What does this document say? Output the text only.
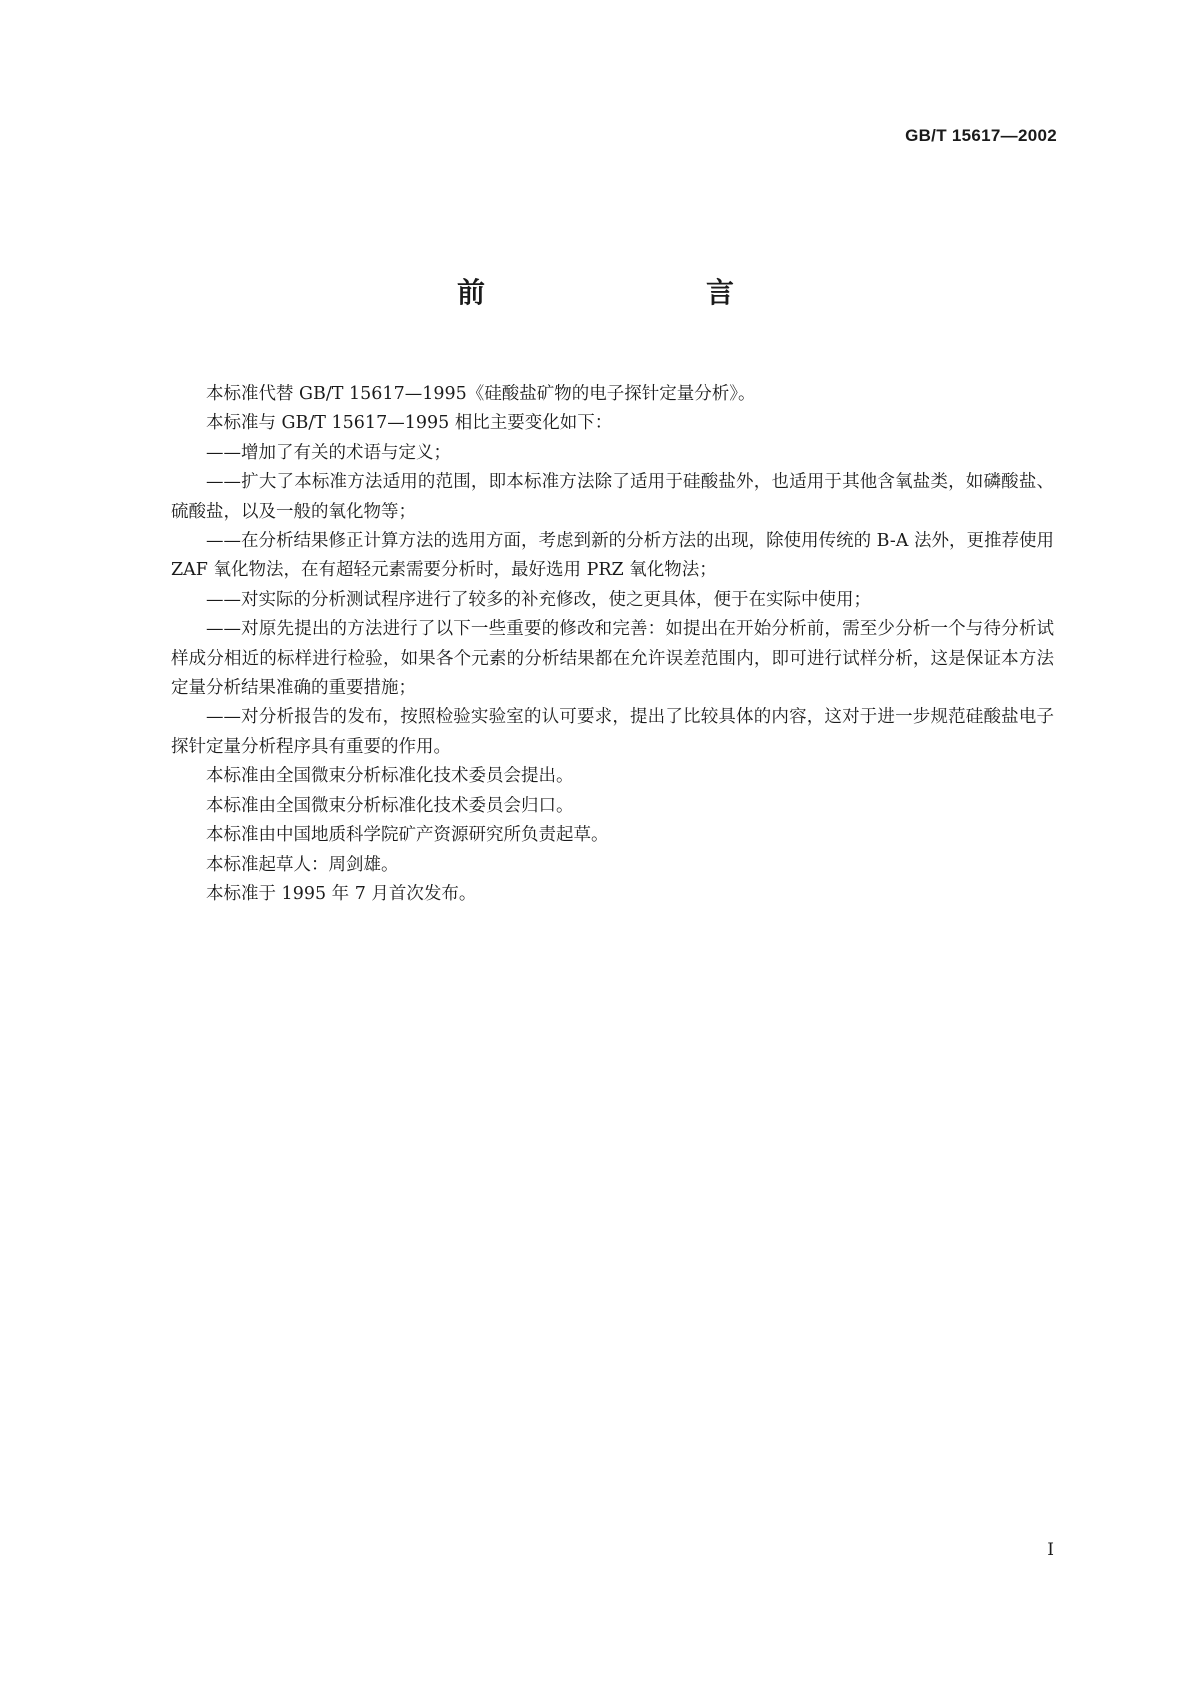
GB/T 15617—2002
前　　言

本标准代替 GB/T 15617—1995《硅酸盐矿物的电子探针定量分析》。

本标准与 GB/T 15617—1995 相比主要变化如下：

——增加了有关的术语与定义；

——扩大了本标准方法适用的范围，即本标准方法除了适用于硅酸盐外，也适用于其他含氧盐类，如磷酸盐、硫酸盐，以及一般的氧化物等；

——在分析结果修正计算方法的选用方面，考虑到新的分析方法的出现，除使用传统的 B-A 法外，更推荐使用 ZAF 氧化物法，在有超轻元素需要分析时，最好选用 PRZ 氧化物法；

——对实际的分析测试程序进行了较多的补充修改，使之更具体，便于在实际中使用；

——对原先提出的方法进行了以下一些重要的修改和完善：如提出在开始分析前，需至少分析一个与待分析试样成分相近的标样进行检验，如果各个元素的分析结果都在允许误差范围内，即可进行试样分析，这是保证本方法定量分析结果准确的重要措施；

——对分析报告的发布，按照检验实验室的认可要求，提出了比较具体的内容，这对于进一步规范硅酸盐电子探针定量分析程序具有重要的作用。

本标准由全国微束分析标准化技术委员会提出。

本标准由全国微束分析标准化技术委员会归口。

本标准由中国地质科学院矿产资源研究所负责起草。

本标准起草人：周剑雄。

本标准于 1995 年 7 月首次发布。

I
